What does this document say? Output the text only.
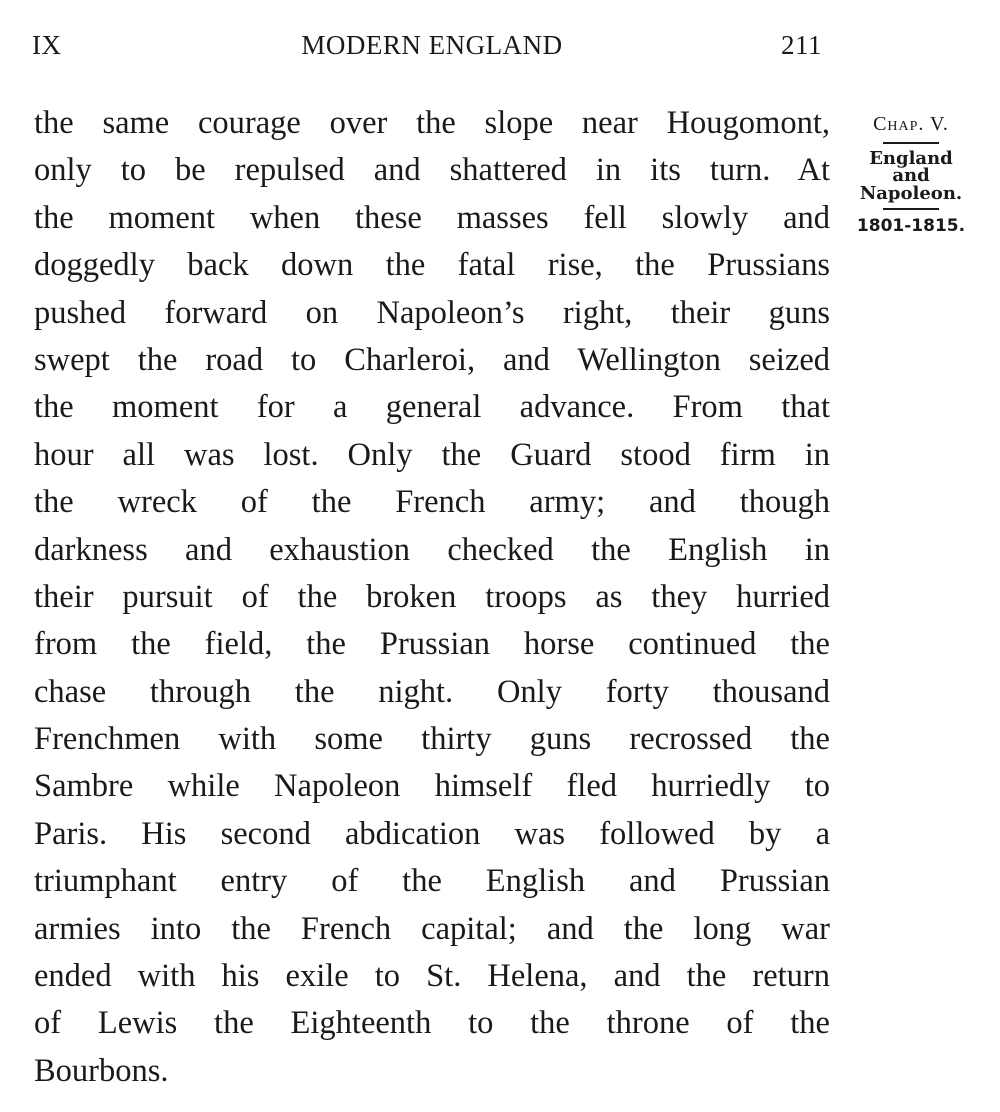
IX	MODERN ENGLAND	211
the same courage over the slope near Hougomont,
only to be repulsed and shattered in its turn. At
the moment when these masses fell slowly and
doggedly back down the fatal rise, the Prussians
pushed forward on Napoleon’s right, their guns
swept the road to Charleroi, and Wellington seized
the moment for a general advance. From that
hour all was lost. Only the Guard stood firm in
the wreck of the French army; and though
darkness and exhaustion checked the English in
their pursuit of the broken troops as they hurried
from the field, the Prussian horse continued the
chase through the night. Only forty thousand
Frenchmen with some thirty guns recrossed the
Sambre while Napoleon himself fled hurriedly to
Paris. His second abdication was followed by a
triumphant entry of the English and Prussian
armies into the French capital; and the long war
ended with his exile to St. Helena, and the return
of Lewis the Eighteenth to the throne of the
Bourbons.
Chap. V.
England
and
Napoleon.
1801-1815.
